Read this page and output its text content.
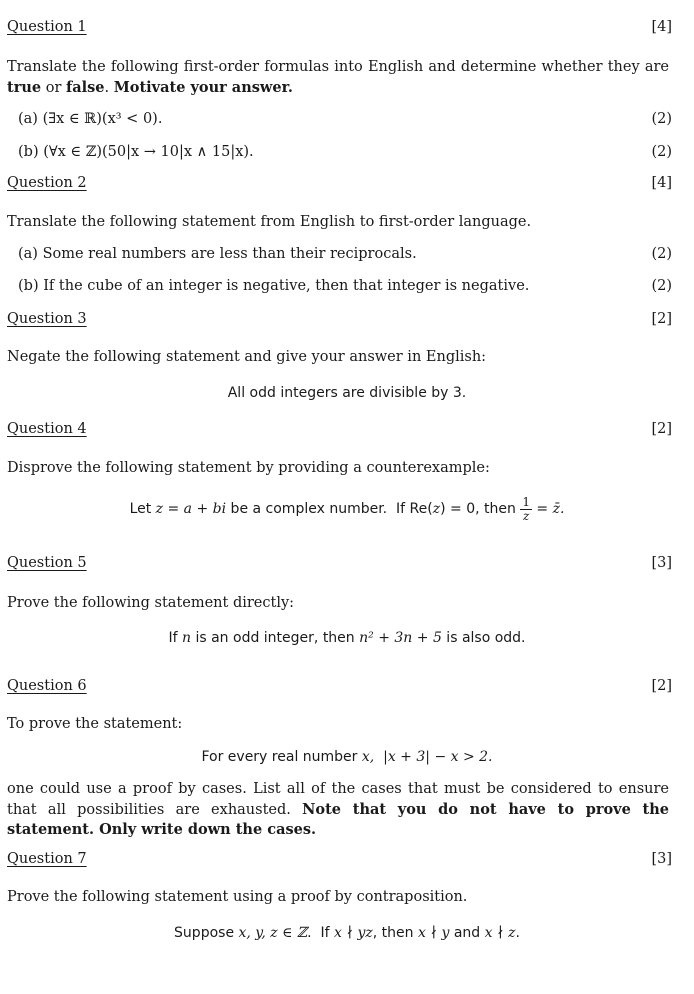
Question 1	[4]
Translate the following first-order formulas into English and determine whether they are true or false. Motivate your answer.
(a) (∃x ∈ ℝ)(x³ < 0).	(2)
(b) (∀x ∈ ℤ)(50|x → 10|x ∧ 15|x).	(2)
Question 2	[4]
Translate the following statement from English to first-order language.
(a) Some real numbers are less than their reciprocals.	(2)
(b) If the cube of an integer is negative, then that integer is negative.	(2)
Question 3	[2]
Negate the following statement and give your answer in English:
All odd integers are divisible by 3.
Question 4	[2]
Disprove the following statement by providing a counterexample:
Let z = a + bi be a complex number.  If Re( z ) = 0, then $\frac{1}{z}$ = z̄.
Question 5	[3]
Prove the following statement directly:
If n is an odd integer, then n² + 3n + 5 is also odd.
Question 6	[2]
To prove the statement:
For every real number x,  |x + 3| − x > 2.
one could use a proof by cases. List all of the cases that must be considered to ensure that all possibilities are exhausted. Note that you do not have to prove the statement. Only write down the cases.
Question 7	[3]
Prove the following statement using a proof by contraposition.
Suppose x, y, z ∈ ℤ.  If x ∤ yz, then x ∤ y and x ∤ z.
